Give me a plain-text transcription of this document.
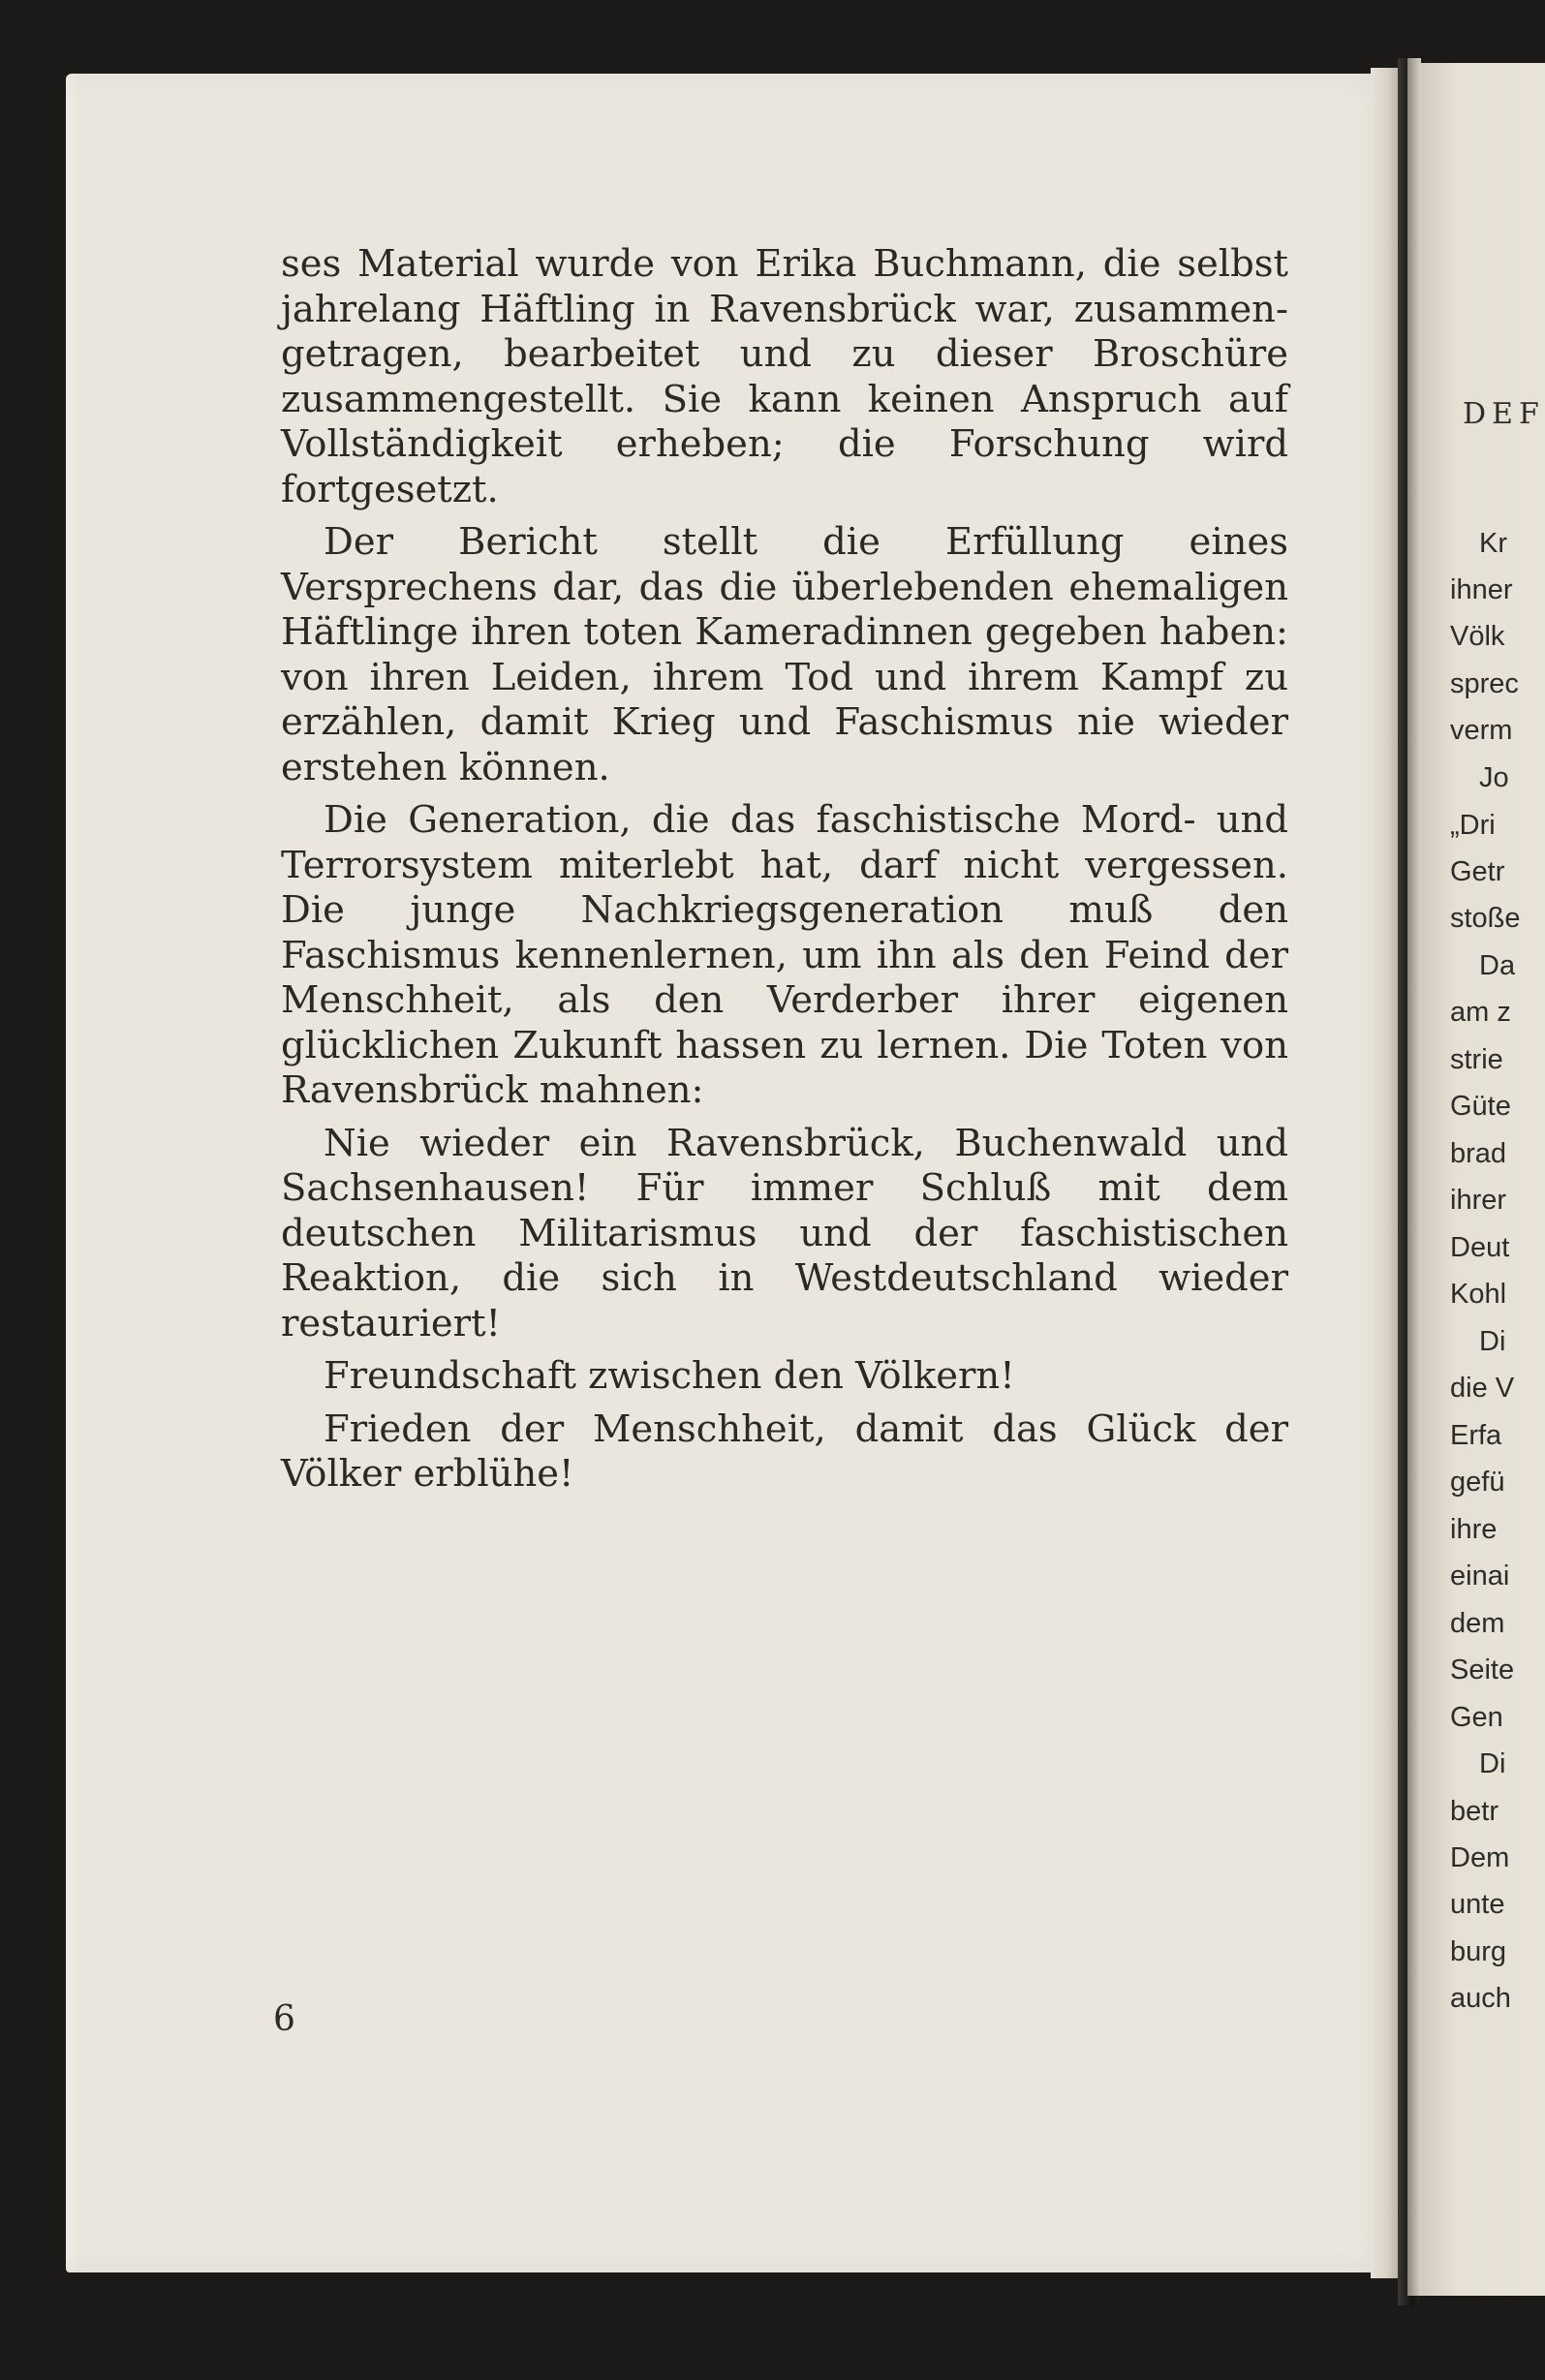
ses Material wurde von Erika Buchmann, die selbst jahrelang Häftling in Ravensbrück war, zusammengetragen, bearbeitet und zu dieser Broschüre zusammengestellt. Sie kann keinen Anspruch auf Vollständigkeit erheben; die Forschung wird fortgesetzt.

Der Bericht stellt die Erfüllung eines Versprechens dar, das die überlebenden ehemaligen Häftlinge ihren toten Kameradinnen gegeben haben: von ihren Leiden, ihrem Tod und ihrem Kampf zu erzählen, damit Krieg und Faschismus nie wieder erstehen können.

Die Generation, die das faschistische Mord- und Terrorsystem miterlebt hat, darf nicht vergessen. Die junge Nachkriegsgeneration muß den Faschismus kennenlernen, um ihn als den Feind der Menschheit, als den Verderber ihrer eigenen glücklichen Zukunft hassen zu lernen. Die Toten von Ravensbrück mahnen:

Nie wieder ein Ravensbrück, Buchenwald und Sachsenhausen! Für immer Schluß mit dem deutschen Militarismus und der faschistischen Reaktion, die sich in Westdeutschland wieder restauriert!

Freundschaft zwischen den Völkern!

Frieden der Menschheit, damit das Glück der Völker erblühe!

6
DEF
Kr
ihner
Völk
sprec
verm
Jo
„Dri
Getr
stoße
Da
am z
strie
Güte
brad
ihrer
Deut
Kohl
Di
die V
Erfa
gefü
ihre
einai
dem
Seite
Gen
Di
betr
Dem
unte
burg
auch
